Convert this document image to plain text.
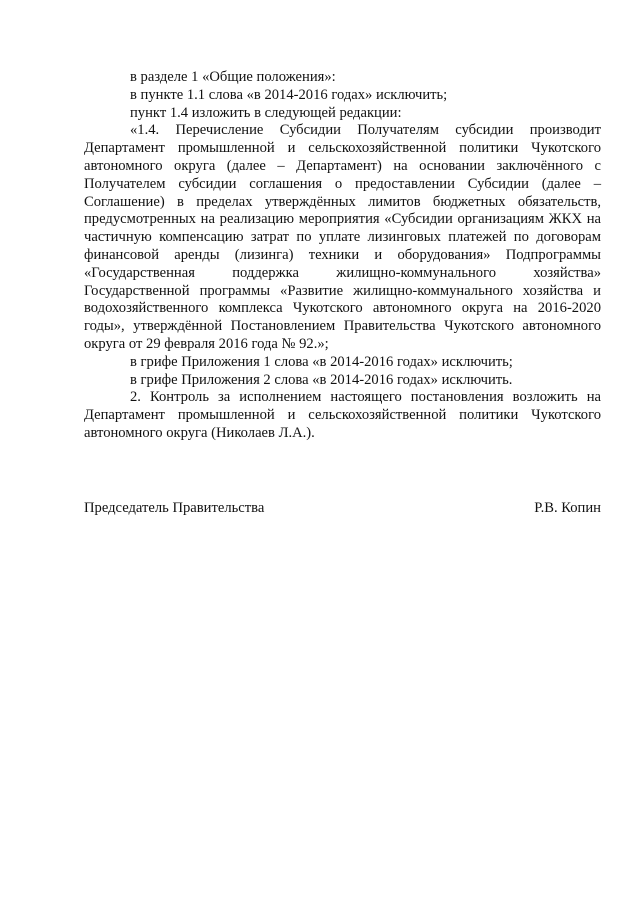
в разделе 1 «Общие положения»:

в пункте 1.1 слова «в 2014-2016 годах» исключить;

пункт 1.4 изложить в следующей редакции:

«1.4. Перечисление Субсидии Получателям субсидии производит Департамент промышленной и сельскохозяйственной политики Чукотского автономного округа (далее – Департамент) на основании заключённого с Получателем субсидии соглашения о предоставлении Субсидии (далее – Соглашение) в пределах утверждённых лимитов бюджетных обязательств, предусмотренных на реализацию мероприятия «Субсидии организациям ЖКХ на частичную компенсацию затрат по уплате лизинговых платежей по договорам финансовой аренды (лизинга) техники и оборудования» Подпрограммы «Государственная поддержка жилищно-коммунального хозяйства» Государственной программы «Развитие жилищно-коммунального хозяйства и водохозяйственного комплекса Чукотского автономного округа на 2016-2020 годы», утверждённой Постановлением Правительства Чукотского автономного округа от 29 февраля 2016 года № 92.»;

в грифе Приложения 1 слова «в 2014-2016 годах» исключить;

в грифе Приложения 2 слова «в 2014-2016 годах» исключить.

2. Контроль за исполнением настоящего постановления возложить на Департамент промышленной и сельскохозяйственной политики Чукотского автономного округа (Николаев Л.А.).

Председатель Правительства	Р.В. Копин
